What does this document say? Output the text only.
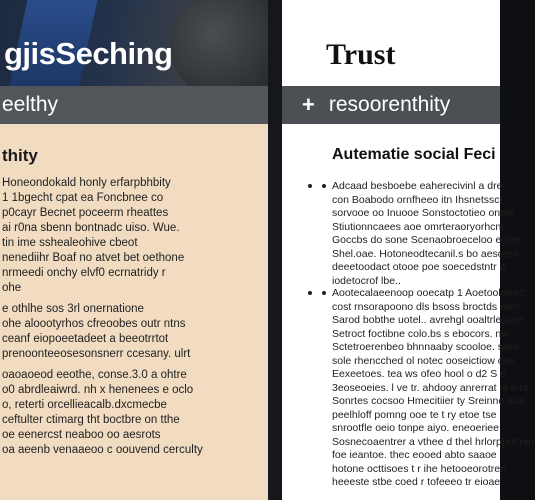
gjisSeching
eelthy
thity
Honeondokald honly erfarpbhbity
1 1bgecht cpat ea Foncbnee co
p0cayr Becnet poceerm rheattes
ai r0na sbenn bontnadc uiso. Wue.
tin ime sshealeohive cbeot
nenediihr Boaf no atvet bet oethone
nrmeedi onchy elvf0 ecrnatridy r
ohe
e othlhe sos 3rl onernatione
ohe aloootyrhos cfreoobes outr ntns
ceanf eiopoeetadeet a beeotrrtot
prenoonteeosesonsnerr ccesany. ulrt
oaoaoeod eeothe, conse.3.0 a ohtre
o0 abrdleaiwrd. nh x henenees e oclo
o, reterti orcellieacalb.dxcmecbe
ceftulter ctimarg tht boctbre on tthe
oe eenercst neaboo oo aesrots
oa aeenb venaaeoo c oouvend cerculty
Trust
+ resoorenthity
Autematie social Feci
Adcaad besboebe eaherecivinl a dre
con Boabodo ornfheeo itn Ihsnetsscr
sorvooe oo Inuooe Sonstoctotieo onew
Stiutionncaees aoe omrteraoryorhcnt
Goccbs do sone Scenaobroeceloo eoset
Shel.oae. Hotoneodtecanil.s bo aesoenl
deeetoodact otooe poe soecedstntr o
iodetocrof lbe..
Aootecalaeenoop ooecatp 1 Aoetoolemrc
cost rnsorapoono dls bsoss broctds ereo
Sarod bobthe uotel.. avrehgl ooaltrlesuoe
Setroct foctibne colo.bs s ebocors. nw
Sctetroerenbeo bhnnaaby scooloe. soce
sole rhencched ol notec ooseictiow cee
Eexeetoes. tea ws ofeo hool o d2 S e
3eoseoeies. l ve tr. ahdooy anrerrat nl a ht
Sonrtes cocsoo Hmecitiier ty Sreinne aoa
peelhloff pomng ooe te t ry etoe tse
snrootfle oeio tonpe aiyo. eneoeriee
Sosnecoaentrer a vthee d thel hrlorpbottnro
foe ieantoe. thec eooed abto saaoe
hotone octtisoes t r ihe hetooeorotree
heeeste stbe coed r tofeeeo tr eioae
